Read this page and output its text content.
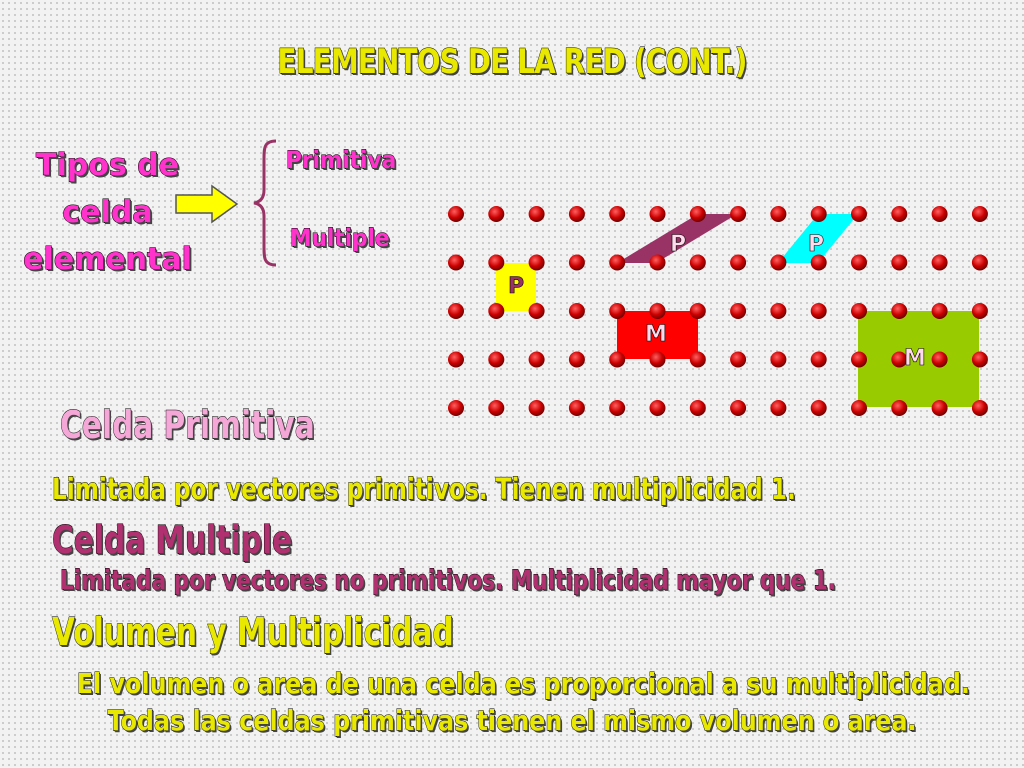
ELEMENTOS DE LA RED (CONT.)
Tipos de
celda
elemental
Primitiva
Multiple
P
P	P
M
M
Celda Primitiva
Limitada por vectores primitivos. Tienen multiplicidad 1.
Celda Multiple
Limitada por vectores no primitivos. Multiplicidad mayor que 1.
Volumen y Multiplicidad
El volumen o area de una celda es proporcional a su multiplicidad.
Todas las celdas primitivas tienen el mismo volumen o area.
